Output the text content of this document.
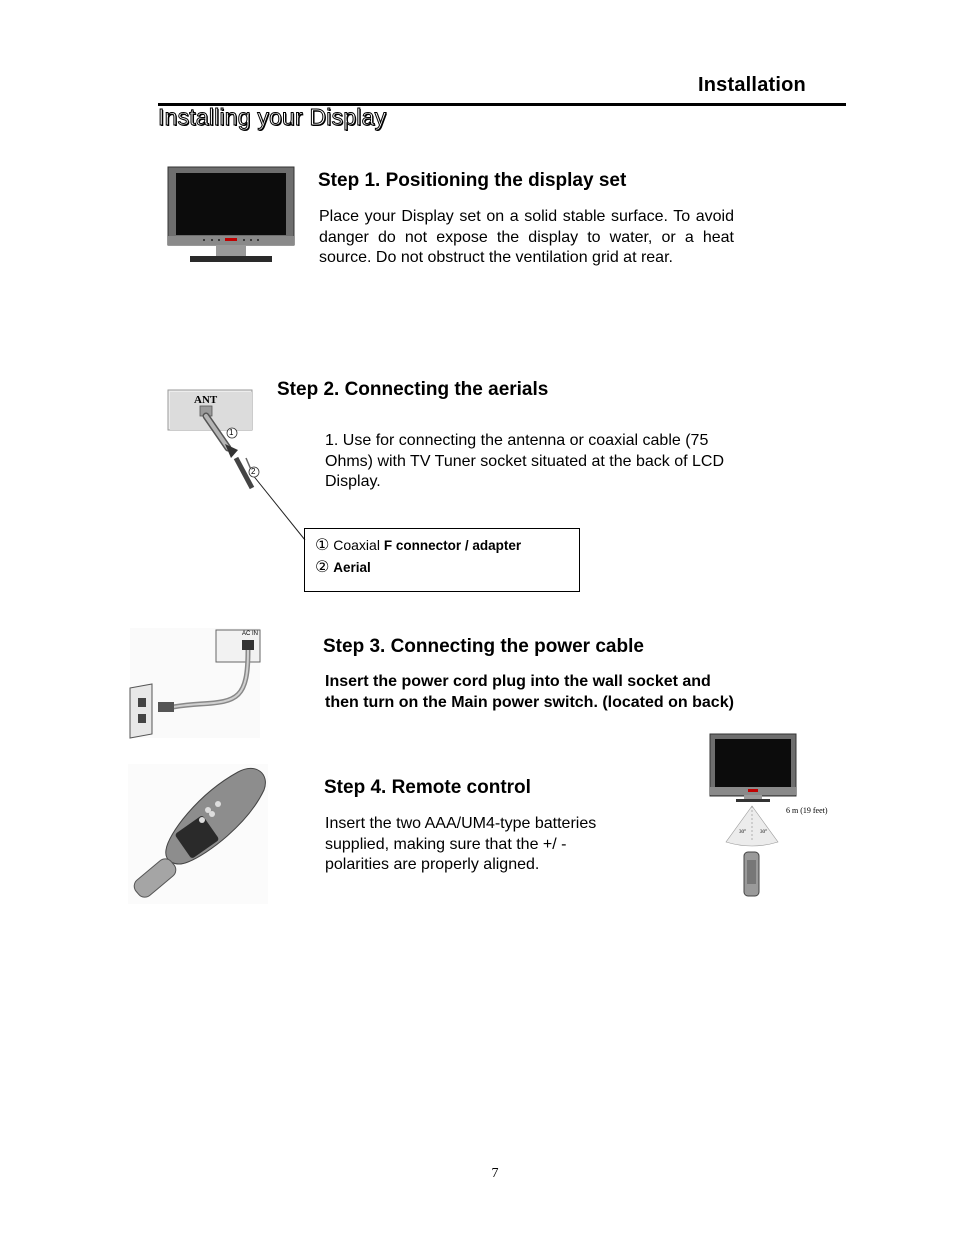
Installation
Installing your Display
Step 1. Positioning the display set
Place your Display set on a solid stable surface. To avoid danger do not expose the display to water, or a heat source. Do not obstruct the ventilation grid at rear.
ANT
1
2
Step 2. Connecting the aerials
1. Use for connecting the antenna or coaxial cable (75
Ohms) with TV Tuner socket situated at the back of LCD
Display.
① Coaxial F connector / adapter
② Aerial
AC IN
Step 3. Connecting the power cable
Insert the power cord plug into the wall socket and
then turn on the Main power switch. (located on back)
Step 4. Remote control
Insert the two AAA/UM4-type batteries
supplied, making sure that the +/ -
polarities are properly aligned.
6 m (19 feet)
30°	30°
7
